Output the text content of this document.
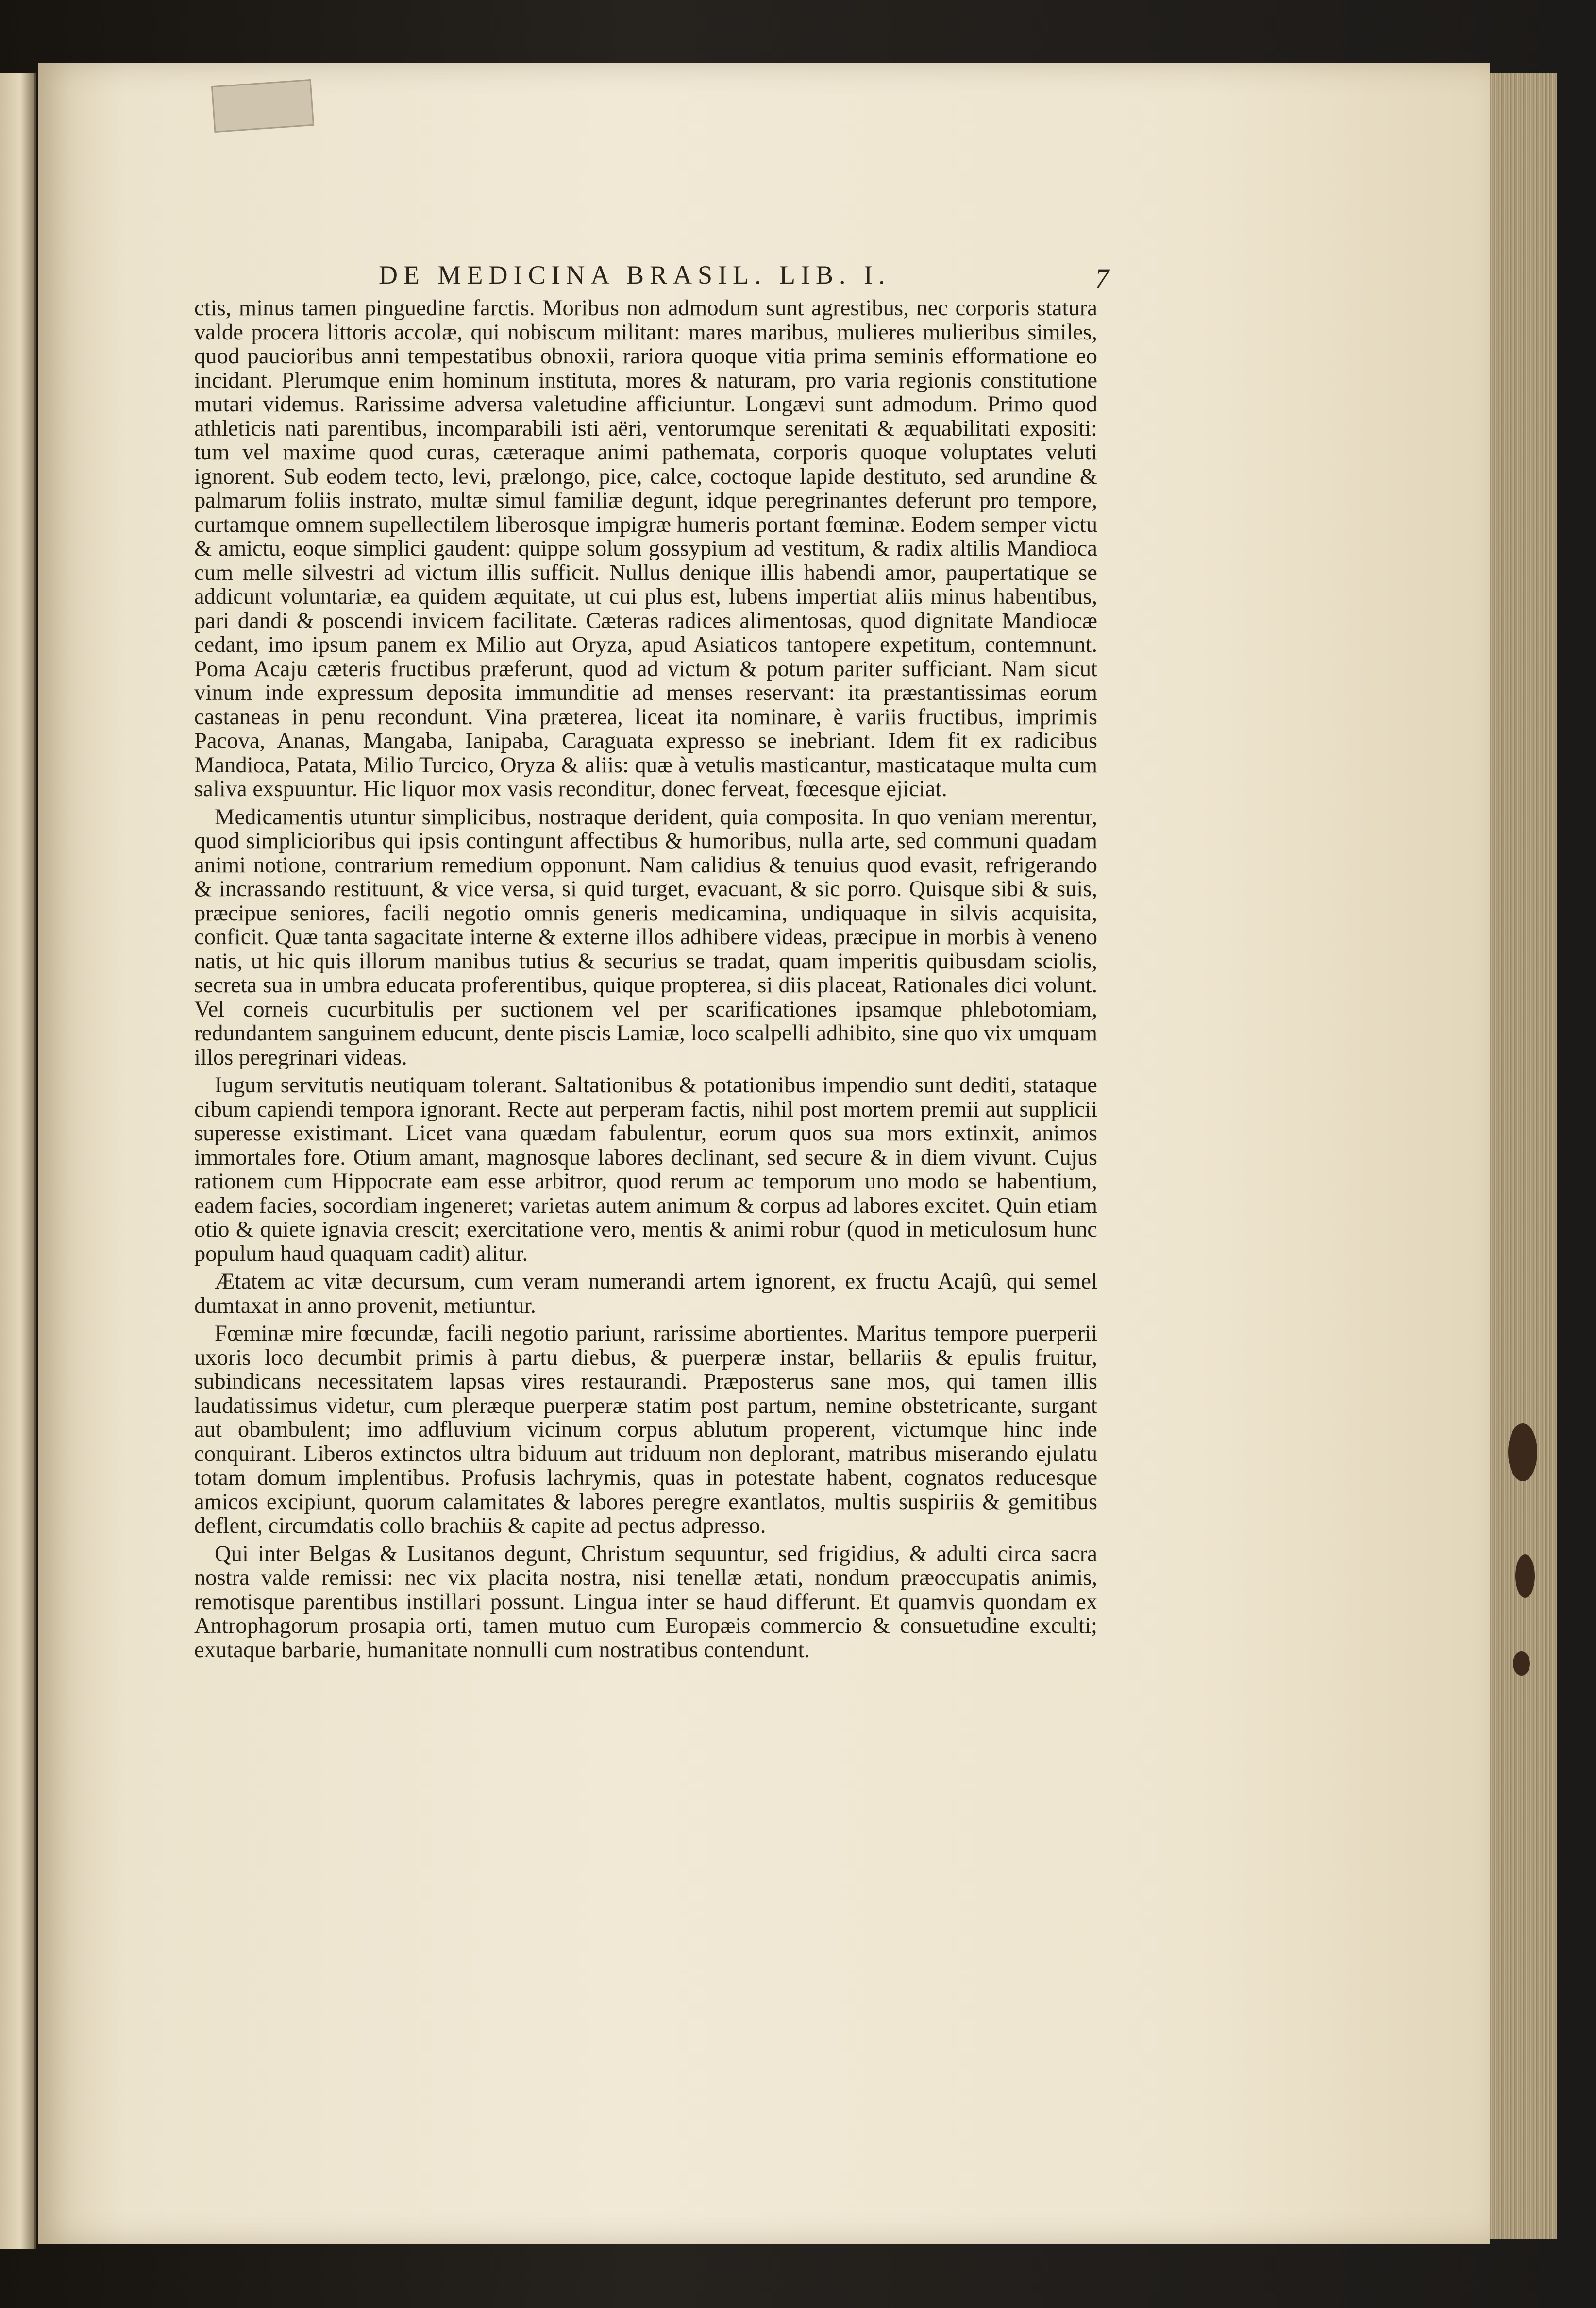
DE MEDICINA BRASIL. LIB. I.	7

ctis, minus tamen pinguedine farctis. Moribus non admodum sunt agrestibus, nec corporis statura valde procera littoris accolæ, qui nobiscum militant: mares maribus, mulieres mulieribus similes, quod paucioribus anni tempestatibus obnoxii, rariora quoque vitia prima seminis efformatione eo incidant. Plerumque enim hominum instituta, mores & naturam, pro varia regionis constitutione mutari videmus. Rarissime adversa valetudine afficiuntur. Longævi sunt admodum. Primo quod athleticis nati parentibus, incomparabili isti aëri, ventorumque serenitati & æquabilitati expositi: tum vel maxime quod curas, cæteraque animi pathemata, corporis quoque voluptates veluti ignorent. Sub eodem tecto, levi, prælongo, pice, calce, coctoque lapide destituto, sed arundine & palmarum foliis instrato, multæ simul familiæ degunt, idque peregrinantes deferunt pro tempore, curtamque omnem supellectilem liberosque impigræ humeris portant fœminæ. Eodem semper victu & amictu, eoque simplici gaudent: quippe solum gossypium ad vestitum, & radix altilis Mandioca cum melle silvestri ad victum illis sufficit. Nullus denique illis habendi amor, paupertatique se addicunt voluntariæ, ea quidem æquitate, ut cui plus est, lubens impertiat aliis minus habentibus, pari dandi & poscendi invicem facilitate. Cæteras radices alimentosas, quod dignitate Mandiocæ cedant, imo ipsum panem ex Milio aut Oryza, apud Asiaticos tantopere expetitum, contemnunt. Poma Acaju cæteris fructibus præferunt, quod ad victum & potum pariter sufficiant. Nam sicut vinum inde expressum deposita immunditie ad menses reservant: ita præstantissimas eorum castaneas in penu recondunt. Vina præterea, liceat ita nominare, è variis fructibus, imprimis Pacova, Ananas, Mangaba, Ianipaba, Caraguata expresso se inebriant. Idem fit ex radicibus Mandioca, Patata, Milio Turcico, Oryza & aliis: quæ à vetulis masticantur, masticataque multa cum saliva exspuuntur. Hic liquor mox vasis reconditur, donec ferveat, fœcesque ejiciat.

Medicamentis utuntur simplicibus, nostraque derident, quia composita. In quo veniam merentur, quod simplicioribus qui ipsis contingunt affectibus & humoribus, nulla arte, sed communi quadam animi notione, contrarium remedium opponunt. Nam calidius & tenuius quod evasit, refrigerando & incrassando restituunt, & vice versa, si quid turget, evacuant, & sic porro. Quisque sibi & suis, præcipue seniores, facili negotio omnis generis medicamina, undiquaque in silvis acquisita, conficit. Quæ tanta sagacitate interne & externe illos adhibere videas, præcipue in morbis à veneno natis, ut hic quis illorum manibus tutius & securius se tradat, quam imperitis quibusdam sciolis, secreta sua in umbra educata proferentibus, quique propterea, si diis placeat, Rationales dici volunt. Vel corneis cucurbitulis per suctionem vel per scarificationes ipsamque phlebotomiam, redundantem sanguinem educunt, dente piscis Lamiæ, loco scalpelli adhibito, sine quo vix umquam illos peregrinari videas.

Iugum servitutis neutiquam tolerant. Saltationibus & potationibus impendio sunt dediti, stataque cibum capiendi tempora ignorant. Recte aut perperam factis, nihil post mortem premii aut supplicii superesse existimant. Licet vana quædam fabulentur, eorum quos sua mors extinxit, animos immortales fore. Otium amant, magnosque labores declinant, sed secure & in diem vivunt. Cujus rationem cum Hippocrate eam esse arbitror, quod rerum ac temporum uno modo se habentium, eadem facies, socordiam ingeneret; varietas autem animum & corpus ad labores excitet. Quin etiam otio & quiete ignavia crescit; exercitatione vero, mentis & animi robur (quod in meticulosum hunc populum haud quaquam cadit) alitur.

Ætatem ac vitæ decursum, cum veram numerandi artem ignorent, ex fructu Acajû, qui semel dumtaxat in anno provenit, metiuntur.

Fœminæ mire fœcundæ, facili negotio pariunt, rarissime abortientes. Maritus tempore puerperii uxoris loco decumbit primis à partu diebus, & puerperæ instar, bellariis & epulis fruitur, subindicans necessitatem lapsas vires restaurandi. Præposterus sane mos, qui tamen illis laudatissimus videtur, cum pleræque puerperæ statim post partum, nemine obstetricante, surgant aut obambulent; imo adfluvium vicinum corpus ablutum properent, victumque hinc inde conquirant. Liberos extinctos ultra biduum aut triduum non deplorant, matribus miserando ejulatu totam domum implentibus. Profusis lachrymis, quas in potestate habent, cognatos reducesque amicos excipiunt, quorum calamitates & labores peregre exantlatos, multis suspiriis & gemitibus deflent, circumdatis collo brachiis & capite ad pectus adpresso.

Qui inter Belgas & Lusitanos degunt, Christum sequuntur, sed frigidius, & adulti circa sacra nostra valde remissi: nec vix placita nostra, nisi tenellæ ætati, nondum præoccupatis animis, remotisque parentibus instillari possunt. Lingua inter se haud differunt. Et quamvis quondam ex Antrophagorum prosapia orti, tamen mutuo cum Europæis commercio & consuetudine exculti; exutaque barbarie, humanitate nonnulli cum nostratibus contendunt.
